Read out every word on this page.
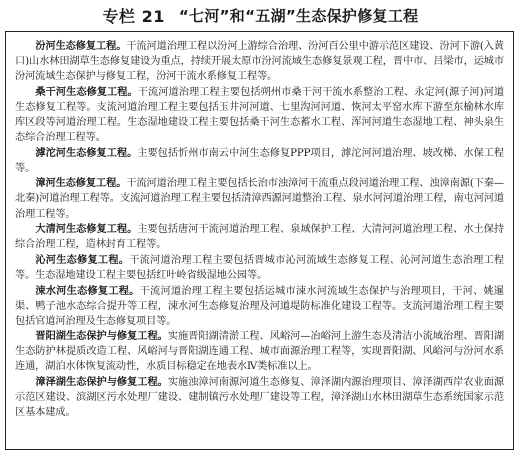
专栏 21 “七河”和“五湖”生态保护修复工程

汾河生态修复工程。干流河道治理工程以汾河上游综合治理、汾河百公里中游示范区建设、汾河下游(入黄口)山水林田湖草生态修复建设为重点，持续开展太原市汾河流域生态修复景观工程，晋中市、吕梁市，运城市汾河流域生态保护与修复工程，汾河干流水系修复工程等。

桑干河生态修复工程。干流河道治理工程主要包括朔州市桑干河干流水系整治工程、永定河(源子河)河道生态修复工程等。支流河道治理工程主要包括玉井河河道、七里沟河河道、恢河太平窑水库下游至东榆林水库库区段等河道治理工程。生态湿地建设工程主要包括桑干河生态蓄水工程、浑河河道生态湿地工程、神头泉生态综合治理工程等。

滹沱河生态修复工程。主要包括忻州市南云中河生态修复PPP项目，滹沱河河道治理、坡改梯、水保工程等。

漳河生态修复工程。干流河道治理工程主要包括长治市浊漳河干流重点段河道治理工程、浊漳南源(下秦—北秦)河道治理工程等。支流河道治理工程主要包括清漳西源河道整治工程、泉水河河道治理工程，南屯河河道治理工程等。

大清河生态修复工程。主要包括唐河干流河道治理工程、泉域保护工程、大清河河道治理工程、水土保持综合治理工程，造林封育工程等。

沁河生态修复工程。干流河道治理工程主要包括晋城市沁河流域生态修复工程、沁河河道生态治理工程等。生态湿地建设工程主要包括红叶岭省级湿地公园等。

涑水河生态修复工程。干流河道治理工程主要包括运城市涑水河流域生态保护与治理项目，干河、姚暹渠、鸭子池水态综合提升等工程，涑水河生态修复治理及河道堤防标准化建设工程等。支流河道治理工程主要包括官道河治理及生态修复项目等。

晋阳湖生态保护与修复工程。实施晋阳湖清淤工程、风峪河—冶峪河上游生态及清洁小流域治理、晋阳湖生态防护林提质改造工程、风峪河与晋阳湖连通工程、城市面源治理工程等，实现晋阳湖、风峪河与汾河水系连通，湖泊水体恢复流动性，水质目标稳定在地表水Ⅳ类标准以上。

漳泽湖生态保护与修复工程。实施浊漳河南源河道生态修复、漳泽湖内源治理项目、漳泽湖西岸农业面源示范区建设、滨湖区污水处理厂建设、建制镇污水处理厂建设等工程，漳泽湖山水林田湖草生态系统国家示范区基本建成。
